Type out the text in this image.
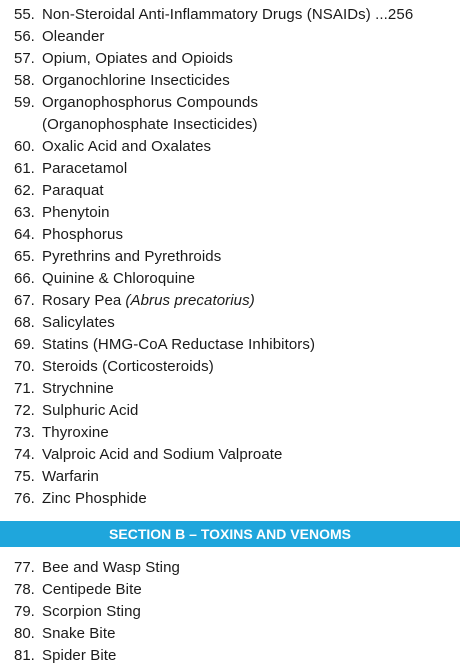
55. Non-Steroidal Anti-Inflammatory Drugs (NSAIDs) ...256
56. Oleander
57. Opium, Opiates and Opioids
58. Organochlorine Insecticides
59. Organophosphorus Compounds
(Organophosphate Insecticides)
60. Oxalic Acid and Oxalates
61. Paracetamol
62. Paraquat
63. Phenytoin
64. Phosphorus
65. Pyrethrins and Pyrethroids
66. Quinine & Chloroquine
67. Rosary Pea (Abrus precatorius)
68. Salicylates
69. Statins (HMG-CoA Reductase Inhibitors)
70. Steroids (Corticosteroids)
71. Strychnine
72. Sulphuric Acid
73. Thyroxine
74. Valproic Acid and Sodium Valproate
75. Warfarin
76. Zinc Phosphide
SECTION B – TOXINS AND VENOMS
77. Bee and Wasp Sting
78. Centipede Bite
79. Scorpion Sting
80. Snake Bite
81. Spider Bite
